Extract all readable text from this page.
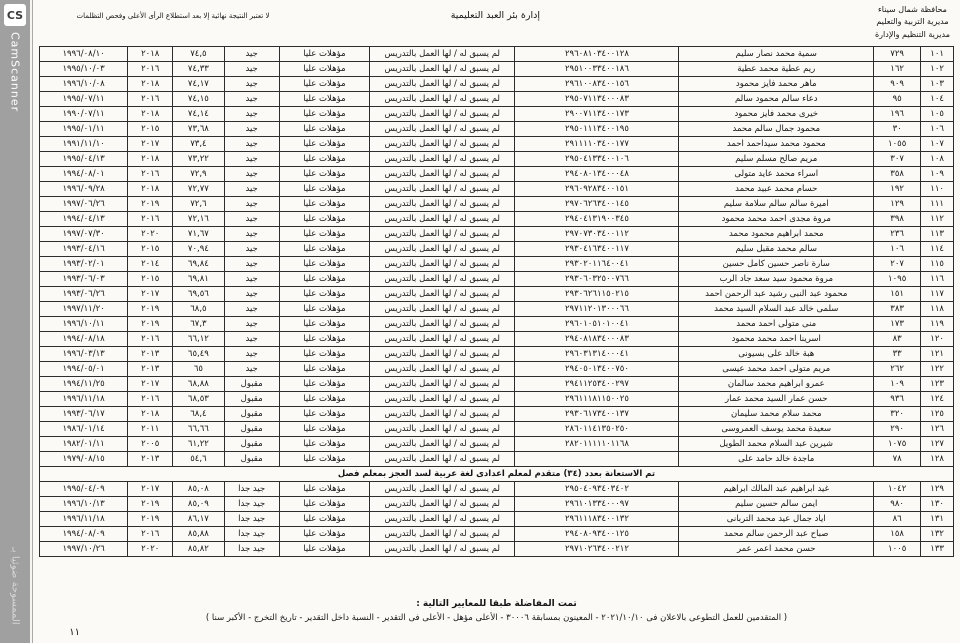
CS
CamScanner
الممسوحة ضوئيا بـ
محافظة شمال سيناء
مديرية التربية والتعليم
مديرية التنظيم والإدارة
إدارة بئر العبد التعليمية
لا تعتبر النتيجة نهائية إلا بعد استطلاع الرأى الأعلى وفحص التظلمات
١٠١	٧٢٩	سمية محمد نصار سليم	٢٩٦٠٨١٠٣٤٠٠١٢٨	لم يسبق له / لها العمل بالتدريس	مؤهلات عليا	جيد	٧٤,٥	٢٠١٨	١٩٩٦/٠٨/١٠
١٠٢	١٦٢	ريم عطية محمد عطية	٢٩٥١٠٠٣٣٤٠٠١٨٦	لم يسبق له / لها العمل بالتدريس	مؤهلات عليا	جيد	٧٤,٣٣	٢٠١٦	١٩٩٥/١٠/٠٣
١٠٣	٩٠٩	ماهر محمد فايز محمود	٢٩٦١٠٠٨٣٤٠٠١٥٦	لم يسبق له / لها العمل بالتدريس	مؤهلات عليا	جيد	٧٤,١٧	٢٠١٨	١٩٩٦/١٠/٠٨
١٠٤	٩٥	دعاء سالم محمود سالم	٢٩٥٠٧١١٣٤٠٠٠٨٣	لم يسبق له / لها العمل بالتدريس	مؤهلات عليا	جيد	٧٤,١٥	٢٠١٦	١٩٩٥/٠٧/١١
١٠٥	١٩٦	خيرى محمد فايز محمود	٢٩٠٠٧١١٣٤٠٠١٧٣	لم يسبق له / لها العمل بالتدريس	مؤهلات عليا	جيد	٧٤,١٤	٢٠١٨	١٩٩٠/٠٧/١١
١٠٦	٣٠	محمود جمال سالم محمد	٢٩٥٠١١١٣٤٠٠١٩٥	لم يسبق له / لها العمل بالتدريس	مؤهلات عليا	جيد	٧٣,٦٨	٢٠١٥	١٩٩٥/٠١/١١
١٠٧	١٠٥٥	محمود محمد سيداحمد احمد	٢٩١١١١٠٣٤٠٠١٧٧	لم يسبق له / لها العمل بالتدريس	مؤهلات عليا	جيد	٧٣,٤	٢٠١٧	١٩٩١/١١/١٠
١٠٨	٣٠٧	مريم صالح مسلم سليم	٢٩٥٠٤١٣٣٤٠٠١٠٦	لم يسبق له / لها العمل بالتدريس	مؤهلات عليا	جيد	٧٣,٢٢	٢٠١٨	١٩٩٥/٠٤/١٣
١٠٩	٣٥٨	اسراء محمد عايد متولى	٢٩٤٠٨٠١٣٤٠٠٠٤٨	لم يسبق له / لها العمل بالتدريس	مؤهلات عليا	جيد	٧٢,٩	٢٠١٦	١٩٩٤/٠٨/٠١
١١٠	١٩٢	حسام محمد عبيد محمد	٢٩٦٠٩٢٨٣٤٠٠١٥١	لم يسبق له / لها العمل بالتدريس	مؤهلات عليا	جيد	٧٢,٧٧	٢٠١٨	١٩٩٦/٠٩/٢٨
١١١	١٢٩	اميرة سالم سالم سلامة سليم	٢٩٧٠٦٢٦٣٤٠٠١٤٥	لم يسبق له / لها العمل بالتدريس	مؤهلات عليا	جيد	٧٢,٦	٢٠١٩	١٩٩٧/٠٦/٢٦
١١٢	٣٩٨	مروة مجدى احمد محمد محمود	٢٩٤٠٤١٣١٩٠٠٣٤٥	لم يسبق له / لها العمل بالتدريس	مؤهلات عليا	جيد	٧٢,١٦	٢٠١٦	١٩٩٤/٠٤/١٣
١١٣	٢٣٦	محمد ابراهيم محمود محمد	٢٩٧٠٧٣٠٣٤٠٠١١٢	لم يسبق له / لها العمل بالتدريس	مؤهلات عليا	جيد	٧١,٦٧	٢٠٢٠	١٩٩٧/٠٧/٣٠
١١٤	١٠٦	سالم محمد مقبل سليم	٢٩٣٠٤١٦٣٤٠٠١١٧	لم يسبق له / لها العمل بالتدريس	مؤهلات عليا	جيد	٧٠,٩٤	٢٠١٥	١٩٩٣/٠٤/١٦
١١٥	٢٠٧	سارة ناصر حسين كامل حسين	٢٩٣٠٢٠١١٦٤٠٠٤١	لم يسبق له / لها العمل بالتدريس	مؤهلات عليا	جيد	٦٩,٨٤	٢٠١٤	١٩٩٣/٠٢/٠١
١١٦	١٠٩٥	مروة محمود سيد سعد جاد الرب	٢٩٣٠٦٠٣٢٥٠٠٧٦٦	لم يسبق له / لها العمل بالتدريس	مؤهلات عليا	جيد	٦٩,٨١	٢٠١٥	١٩٩٣/٠٦/٠٣
١١٧	١٥١	محمود عبد النبى رشيد عبد الرحمن احمد	٢٩٣٠٦٢٦١١٥٠٢١٥	لم يسبق له / لها العمل بالتدريس	مؤهلات عليا	جيد	٦٩,٥٦	٢٠١٧	١٩٩٣/٠٦/٢٦
١١٨	٣٨٣	سلمى خالد عبد السلام السيد محمد	٢٩٧١١٢٠١٣٠٠٠٦٦	لم يسبق له / لها العمل بالتدريس	مؤهلات عليا	جيد	٦٨,٥	٢٠١٩	١٩٩٧/١١/٢٠
١١٩	١٧٣	منى متولى احمد محمد	٢٩٦٠١٠٥١٠١٠٠٤١	لم يسبق له / لها العمل بالتدريس	مؤهلات عليا	جيد	٦٧,٣	٢٠١٩	١٩٩٦/١٠/١١
١٢٠	٨٣	اسرينا احمد محمد محمود	٢٩٤٠٨١٨٣٤٠٠٠٨٣	لم يسبق له / لها العمل بالتدريس	مؤهلات عليا	جيد	٦٦,١٢	٢٠١٦	١٩٩٤/٠٨/١٨
١٢١	٣٣	هبة خالد على بسيونى	٢٩٦٠٣١٣١٤٠٠٠٤١	لم يسبق له / لها العمل بالتدريس	مؤهلات عليا	جيد	٦٥,٤٩	٢٠١٣	١٩٩٦/٠٣/١٣
١٢٢	٢٦٢	مريم متولى احمد محمد عيسى	٢٩٤٠٥٠١٣٤٠٠٧٥٠	لم يسبق له / لها العمل بالتدريس	مؤهلات عليا	جيد	٦٥	٢٠١٣	١٩٩٤/٠٥/٠١
١٢٣	١٠٩	عمرو ابراهيم محمد سالمان	٢٩٤١١٢٥٣٤٠٠٢٩٧	لم يسبق له / لها العمل بالتدريس	مؤهلات عليا	مقبول	٦٨,٨٨	٢٠١٧	١٩٩٤/١١/٢٥
١٢٤	٩٣٦	حسن عمار السيد محمد عمار	٢٩٦١١١٨١١٥٠٠٢٥	لم يسبق له / لها العمل بالتدريس	مؤهلات عليا	مقبول	٦٨,٥٣	٢٠١٦	١٩٩٦/١١/١٨
١٢٥	٣٢٠	محمد سلام محمد سليمان	٢٩٣٠٦١٧٣٤٠٠١٣٧	لم يسبق له / لها العمل بالتدريس	مؤهلات عليا	مقبول	٦٨,٤	٢٠١٨	١٩٩٣/٠٦/١٧
١٢٦	٢٩٠	سعيدة محمد يوسف العمروسى	٢٨٦٠١١٤١٣٥٠٢٥٠	لم يسبق له / لها العمل بالتدريس	مؤهلات عليا	مقبول	٦٦,٦٦	٢٠١١	١٩٨٦/٠١/١٤
١٢٧	١٠٧٥	شيرين عبد السلام محمد الطويل	٢٨٢٠١١١١١٠١١٦٨	لم يسبق له / لها العمل بالتدريس	مؤهلات عليا	مقبول	٦١,٢٢	٢٠٠٥	١٩٨٢/٠١/١١
١٢٨	٧٨	ماجدة خالد حامد على		لم يسبق له / لها العمل بالتدريس	مؤهلات عليا	مقبول	٥٤,٦	٢٠١٣	١٩٧٩/٠٨/١٥
تم الاستعانة بعدد (٣٤) متقدم لمعلم اعدادى لغة عربية لسد العجز بمعلم فصل									
١٢٩	١٠٤٢	غيد ابراهيم عبد المالك ابراهيم	٢٩٥٠٤٠٩٣٤٠٣٤٠٢	لم يسبق له / لها العمل بالتدريس	مؤهلات عليا	جيد جدا	٨٥,٠٨	٢٠١٧	١٩٩٥/٠٤/٠٩
١٣٠	٩٨٠	ايمن سالم حسين سليم	٢٩٦١٠١٣٣٤٠٠٠٩٧	لم يسبق له / لها العمل بالتدريس	مؤهلات عليا	جيد جدا	٨٥,٠٩	٢٠١٩	١٩٩٦/١٠/١٣
١٣١	٨٦	اياد جمال عيد محمد التربانى	٢٩٦١١١٨٣٤٠٠١٣٢	لم يسبق له / لها العمل بالتدريس	مؤهلات عليا	جيد جدا	٨٦,١٧	٢٠١٩	١٩٩٦/١١/١٨
١٣٢	١٥٨	صباح عبد الرحمن سالم محمد	٢٩٤٠٨٠٩٣٤٠٠١٢٥	لم يسبق له / لها العمل بالتدريس	مؤهلات عليا	جيد جدا	٨٥,٨٨	٢٠١٦	١٩٩٤/٠٨/٠٩
١٣٣	١٠٠٥	حسن محمد اعمر عمر	٢٩٧١٠٢٦٣٤٠٠٢١٢	لم يسبق له / لها العمل بالتدريس	مؤهلات عليا	جيد جدا	٨٥,٨٢	٢٠٢٠	١٩٩٧/١٠/٢٦
تمت المفاضلة طبقا للمعايير التالية :
( المتقدمين للعمل التطوعى بالاعلان فى ٢٠٢١/١٠/١٠ - المعينون بمسابقة ٣٠٠٠٦ - الأعلى مؤهل - الأعلى فى التقدير - النسبة داخل التقدير - تاريخ التخرج - الأكبر سنا )
١١
